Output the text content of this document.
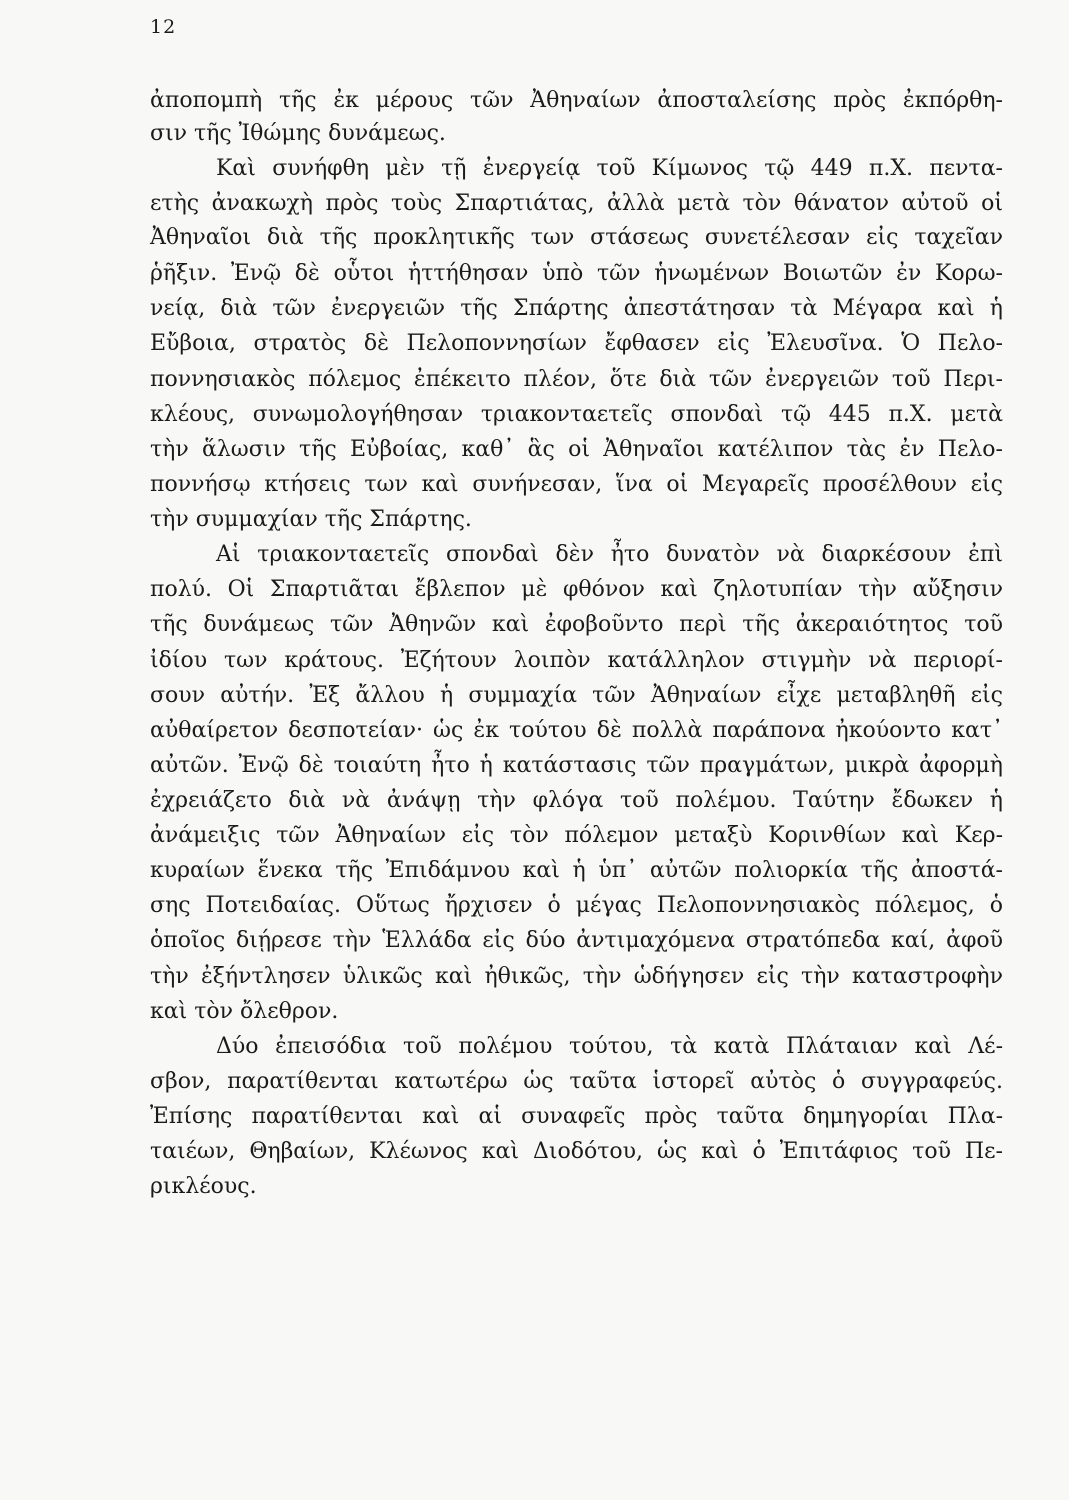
12
ἀποπομπὴ τῆς ἐκ μέρους τῶν Ἀθηναίων ἀποσταλείσης πρὸς ἐκπόρθη-
σιν τῆς Ἰθώμης δυνάμεως.
Καὶ συνήφθη μὲν τῇ ἐνεργείᾳ τοῦ Κίμωνος τῷ 449 π.Χ. πεντα-
ετὴς ἀνακωχὴ πρὸς τοὺς Σπαρτιάτας, ἀλλὰ μετὰ τὸν θάνατον αὐτοῦ οἱ
Ἀθηναῖοι διὰ τῆς προκλητικῆς των στάσεως συνετέλεσαν εἰς ταχεῖαν
ῥῆξιν. Ἐνῷ δὲ οὗτοι ἡττήθησαν ὑπὸ τῶν ἡνωμένων Βοιωτῶν ἐν Κορω-
νείᾳ, διὰ τῶν ἐνεργειῶν τῆς Σπάρτης ἀπεστάτησαν τὰ Μέγαρα καὶ ἡ
Εὔβοια, στρατὸς δὲ Πελοποννησίων ἔφθασεν εἰς Ἐλευσῖνα. Ὁ Πελο-
ποννησιακὸς πόλεμος ἐπέκειτο πλέον, ὅτε διὰ τῶν ἐνεργειῶν τοῦ Περι-
κλέους, συνωμολογήθησαν τριακονταετεῖς σπονδαὶ τῷ 445 π.Χ. μετὰ
τὴν ἅλωσιν τῆς Εὐβοίας, καθ᾽ ἃς οἱ Ἀθηναῖοι κατέλιπον τὰς ἐν Πελο-
ποννήσῳ κτήσεις των καὶ συνήνεσαν, ἵνα οἱ Μεγαρεῖς προσέλθουν εἰς
τὴν συμμαχίαν τῆς Σπάρτης.
Αἱ τριακονταετεῖς σπονδαὶ δὲν ἦτο δυνατὸν νὰ διαρκέσουν ἐπὶ
πολύ. Οἱ Σπαρτιᾶται ἔβλεπον μὲ φθόνον καὶ ζηλοτυπίαν τὴν αὔξησιν
τῆς δυνάμεως τῶν Ἀθηνῶν καὶ ἐφοβοῦντο περὶ τῆς ἀκεραιότητος τοῦ
ἰδίου των κράτους. Ἐζήτουν λοιπὸν κατάλληλον στιγμὴν νὰ περιορί-
σουν αὐτήν. Ἐξ ἄλλου ἡ συμμαχία τῶν Ἀθηναίων εἶχε μεταβληθῆ εἰς
αὐθαίρετον δεσποτείαν· ὡς ἐκ τούτου δὲ πολλὰ παράπονα ἠκούοντο κατ᾽
αὐτῶν. Ἐνῷ δὲ τοιαύτη ἦτο ἡ κατάστασις τῶν πραγμάτων, μικρὰ ἀφορμὴ
ἐχρειάζετο διὰ νὰ ἀνάψῃ τὴν φλόγα τοῦ πολέμου. Ταύτην ἔδωκεν ἡ
ἀνάμειξις τῶν Ἀθηναίων εἰς τὸν πόλεμον μεταξὺ Κορινθίων καὶ Κερ-
κυραίων ἕνεκα τῆς Ἐπιδάμνου καὶ ἡ ὑπ᾽ αὐτῶν πολιορκία τῆς ἀποστά-
σης Ποτειδαίας. Οὕτως ἤρχισεν ὁ μέγας Πελοποννησιακὸς πόλεμος, ὁ
ὁποῖος διῄρεσε τὴν Ἑλλάδα εἰς δύο ἀντιμαχόμενα στρατόπεδα καί, ἀφοῦ
τὴν ἐξήντλησεν ὑλικῶς καὶ ἠθικῶς, τὴν ὡδήγησεν εἰς τὴν καταστροφὴν
καὶ τὸν ὄλεθρον.
Δύο ἐπεισόδια τοῦ πολέμου τούτου, τὰ κατὰ Πλάταιαν καὶ Λέ-
σβον, παρατίθενται κατωτέρω ὡς ταῦτα ἱστορεῖ αὐτὸς ὁ συγγραφεύς.
Ἐπίσης παρατίθενται καὶ αἱ συναφεῖς πρὸς ταῦτα δημηγορίαι Πλα-
ταιέων, Θηβαίων, Κλέωνος καὶ Διοδότου, ὡς καὶ ὁ Ἐπιτάφιος τοῦ Πε-
ρικλέους.
